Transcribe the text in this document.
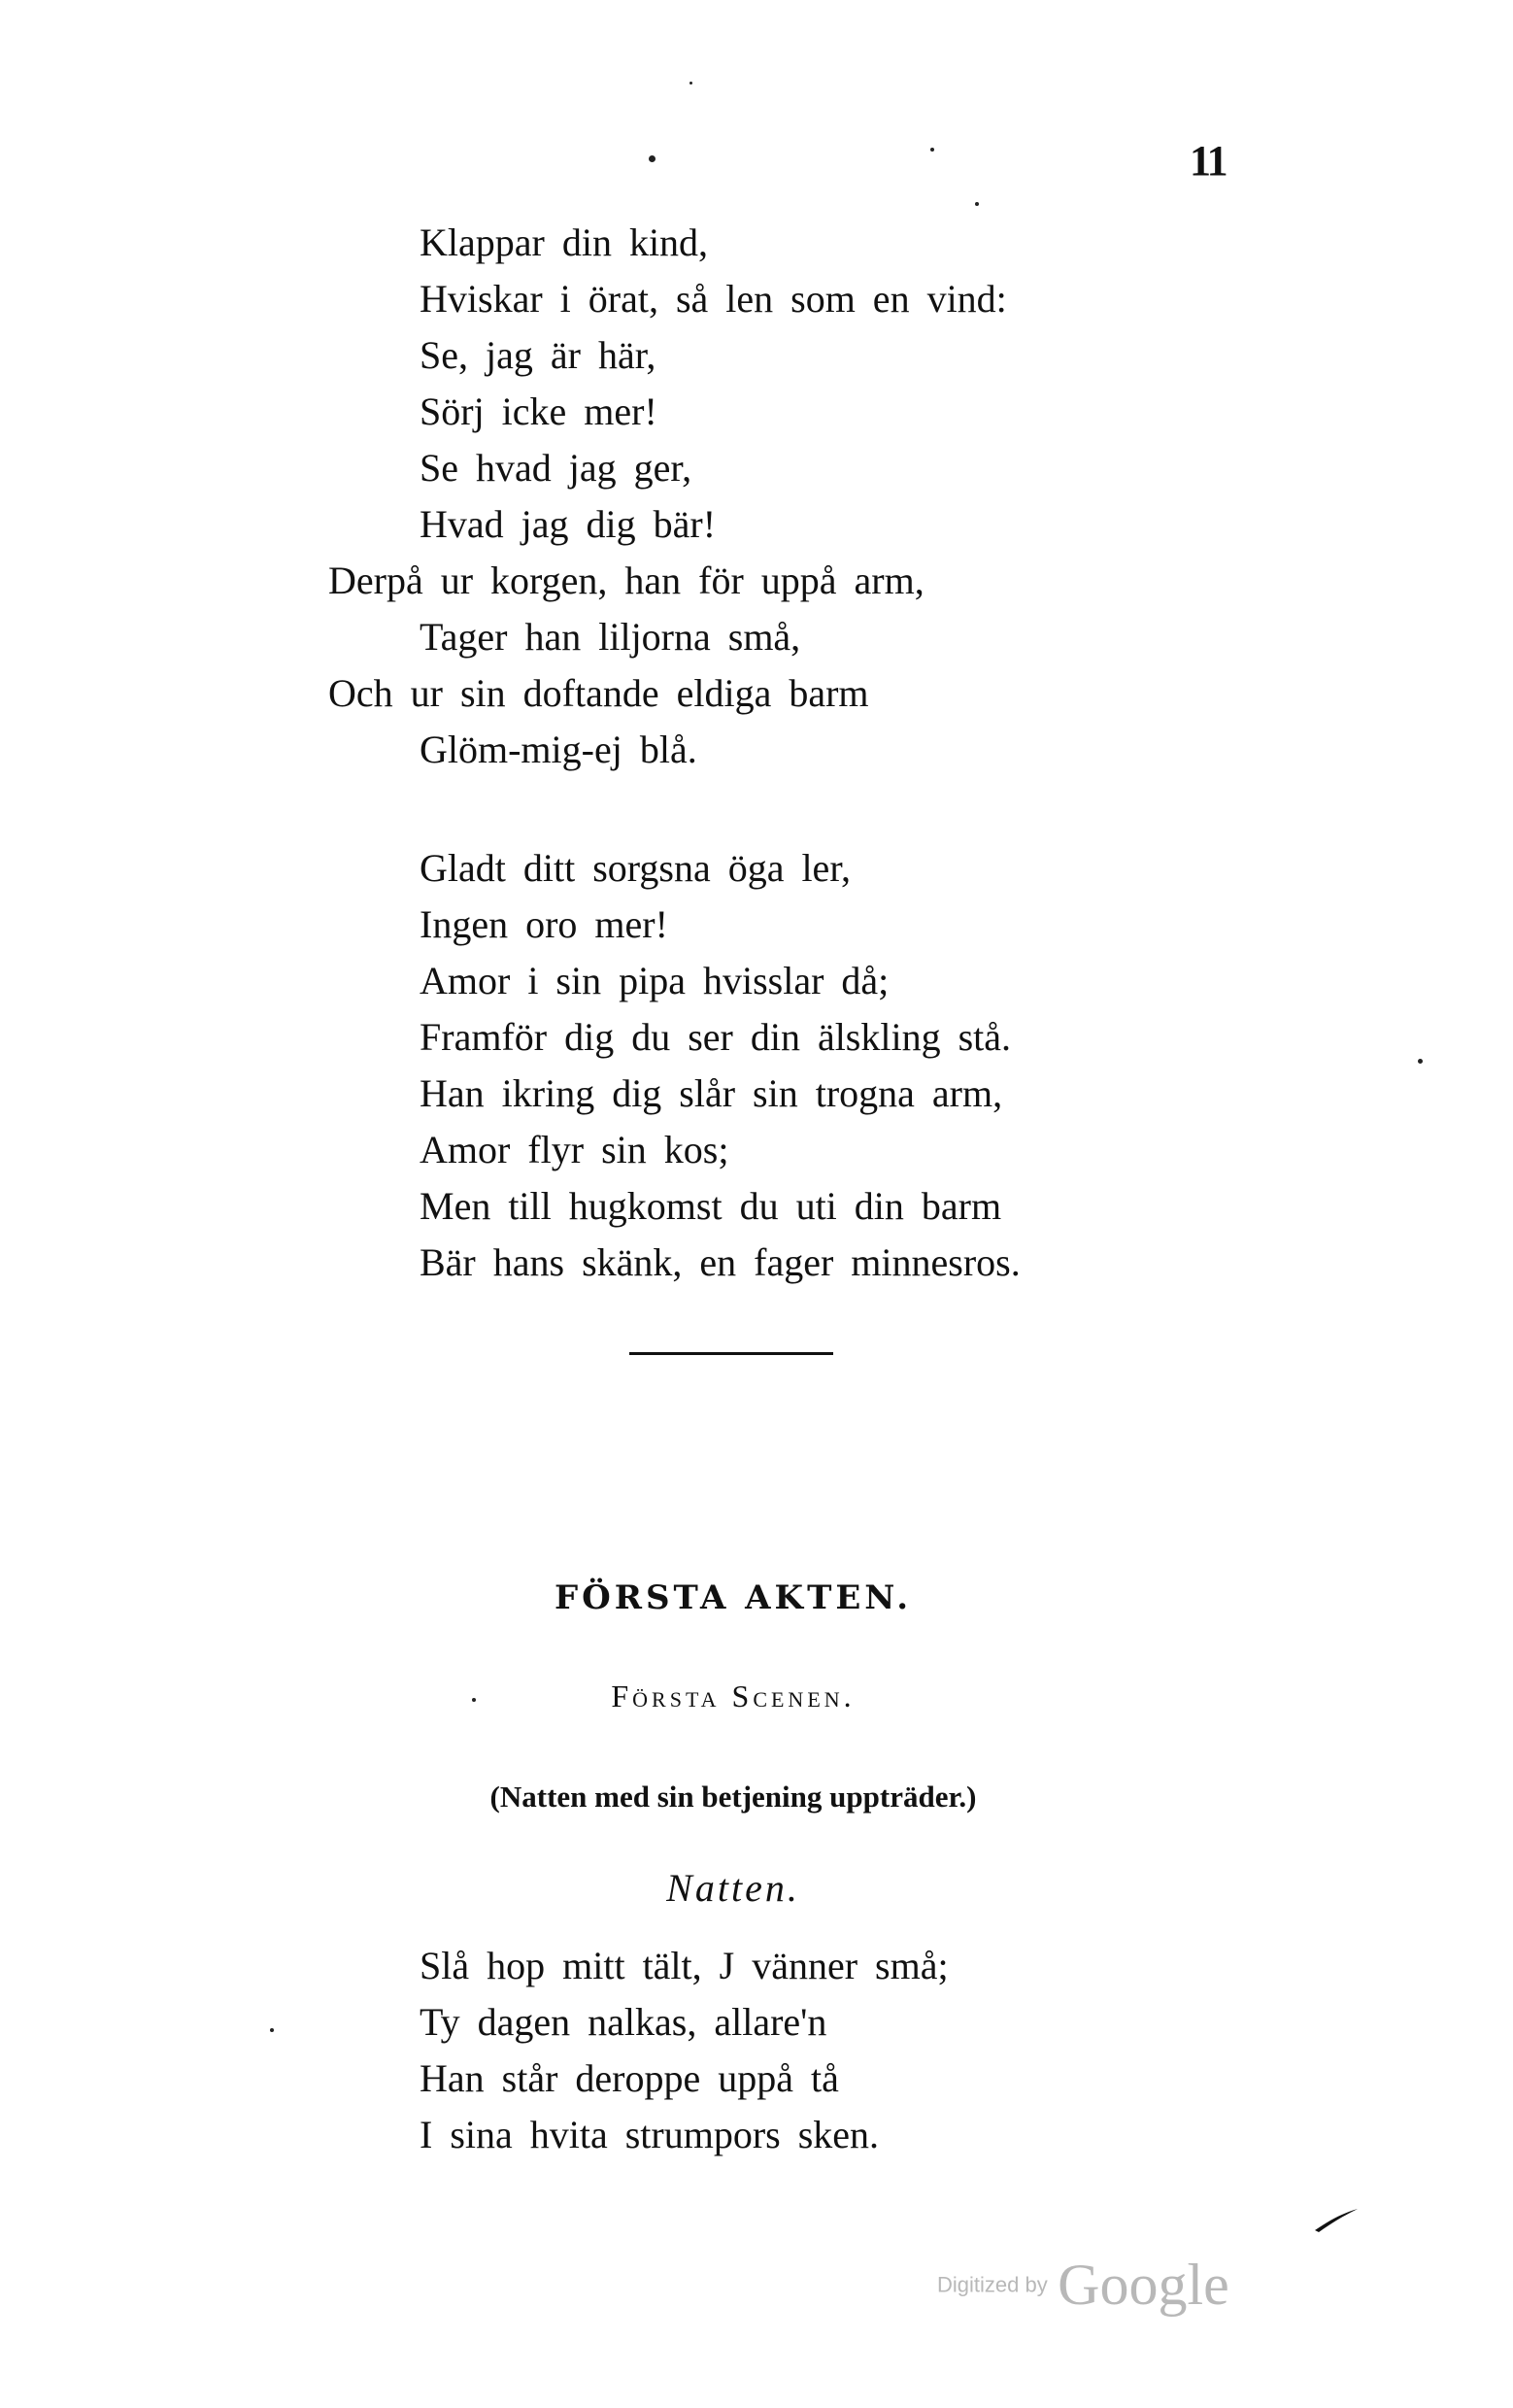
11
Klappar din kind,
Hviskar i örat, så len som en vind:
Se, jag är här,
Sörj icke mer!
Se hvad jag ger,
Hvad jag dig bär!
Derpå ur korgen, han för uppå arm,
Tager han liljorna små,
Och ur sin doftande eldiga barm
Glöm-mig-ej blå.
Gladt ditt sorgsna öga ler,
Ingen oro mer!
Amor i sin pipa hvisslar då;
Framför dig du ser din älskling stå.
Han ikring dig slår sin trogna arm,
Amor flyr sin kos;
Men till hugkomst du uti din barm
Bär hans skänk, en fager minnesros.
FÖRSTA AKTEN.
Första Scenen.
(Natten med sin betjening uppträder.)
Natten.
Slå hop mitt tält, J vänner små;
Ty dagen nalkas, allare'n
Han står deroppe uppå tå
I sina hvita strumpors sken.
Digitized by Google
